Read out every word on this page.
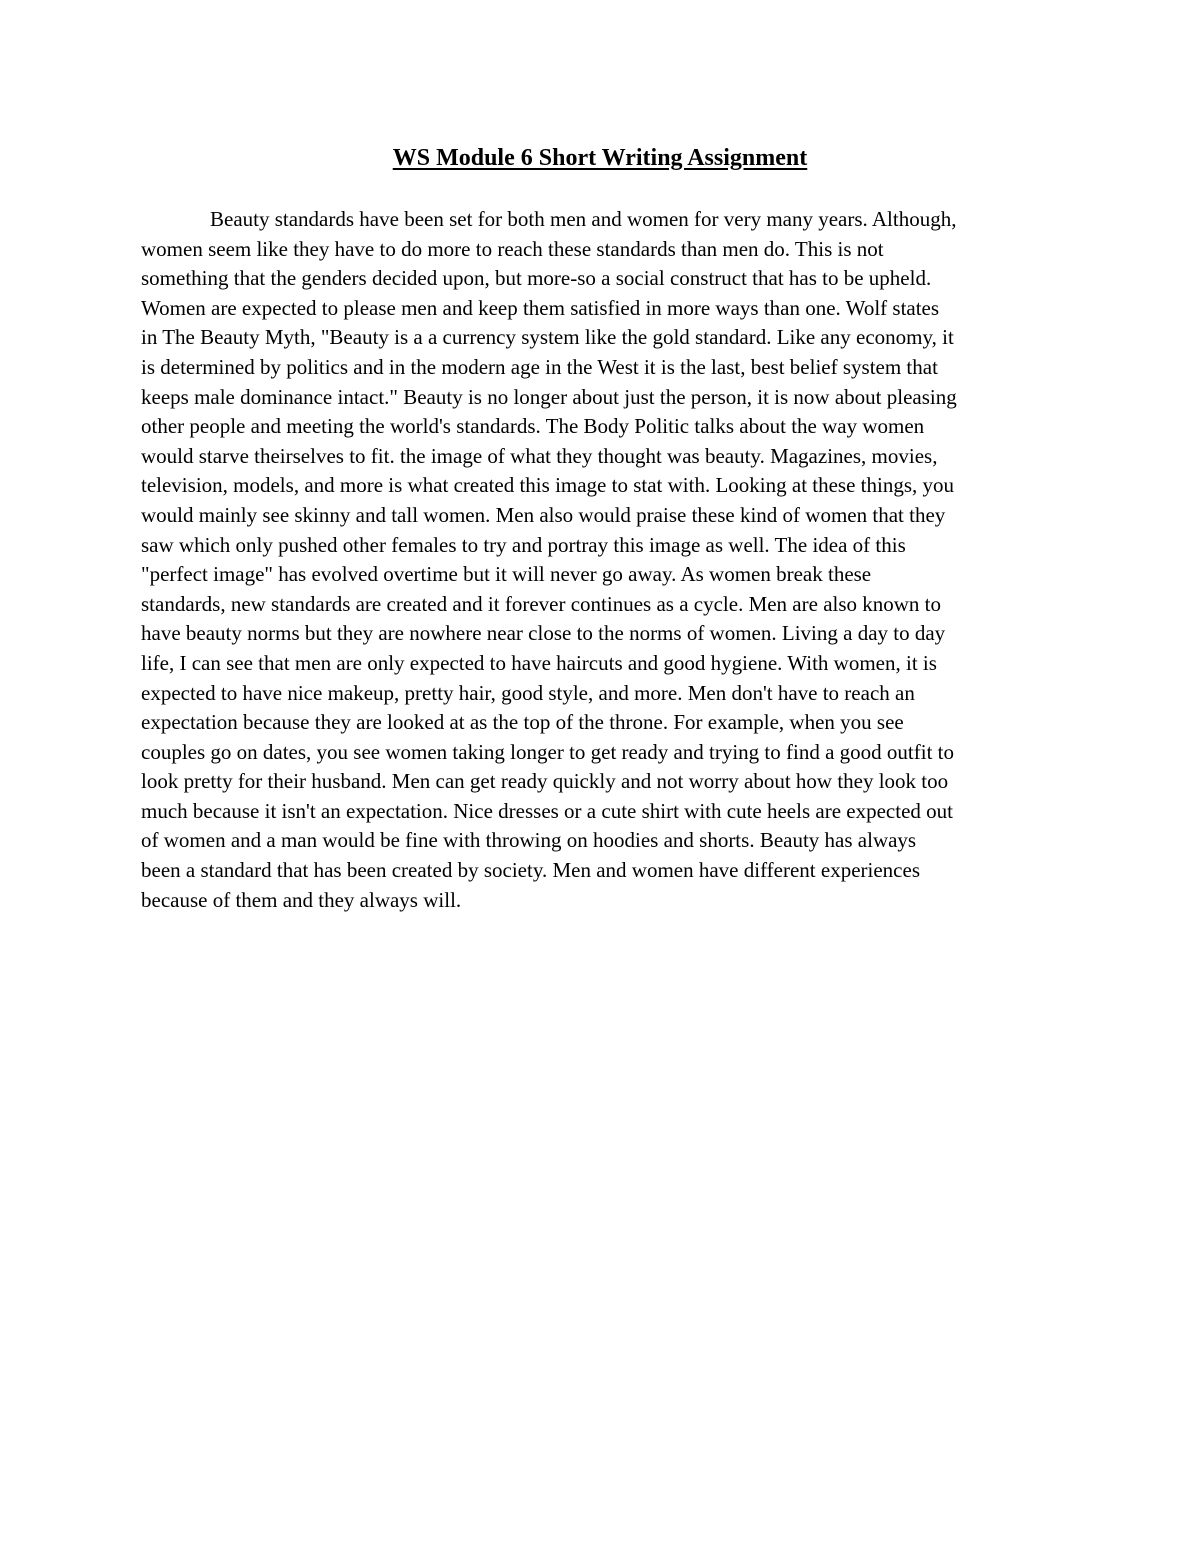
WS Module 6 Short Writing Assignment
Beauty standards have been set for both men and women for very many years. Although,
women seem like they have to do more to reach these standards than men do. This is not
something that the genders decided upon, but more-so a social construct that has to be upheld.
Women are expected to please men and keep them satisfied in more ways than one. Wolf states
in The Beauty Myth, "Beauty is a a currency system like the gold standard. Like any economy, it
is determined by politics and in the modern age in the West it is the last, best belief system that
keeps male dominance intact." Beauty is no longer about just the person, it is now about pleasing
other people and meeting the world's standards. The Body Politic talks about the way women
would starve theirselves to fit. the image of what they thought was beauty. Magazines, movies,
television, models, and more is what created this image to stat with. Looking at these things, you
would mainly see skinny and tall women. Men also would praise these kind of women that they
saw which only pushed other females to try and portray this image as well. The idea of this
"perfect image" has evolved overtime but it will never go away. As women break these
standards, new standards are created and it forever continues as a cycle. Men are also known to
have beauty norms but they are nowhere near close to the norms of women. Living a day to day
life, I can see that men are only expected to have haircuts and good hygiene. With women, it is
expected to have nice makeup, pretty hair, good style, and more. Men don't have to reach an
expectation because they are looked at as the top of the throne. For example, when you see
couples go on dates, you see women taking longer to get ready and trying to find a good outfit to
look pretty for their husband. Men can get ready quickly and not worry about how they look too
much because it isn't an expectation. Nice dresses or a cute shirt with cute heels are expected out
of women and a man would be fine with throwing on hoodies and shorts. Beauty has always
been a standard that has been created by society. Men and women have different experiences
because of them and they always will.
